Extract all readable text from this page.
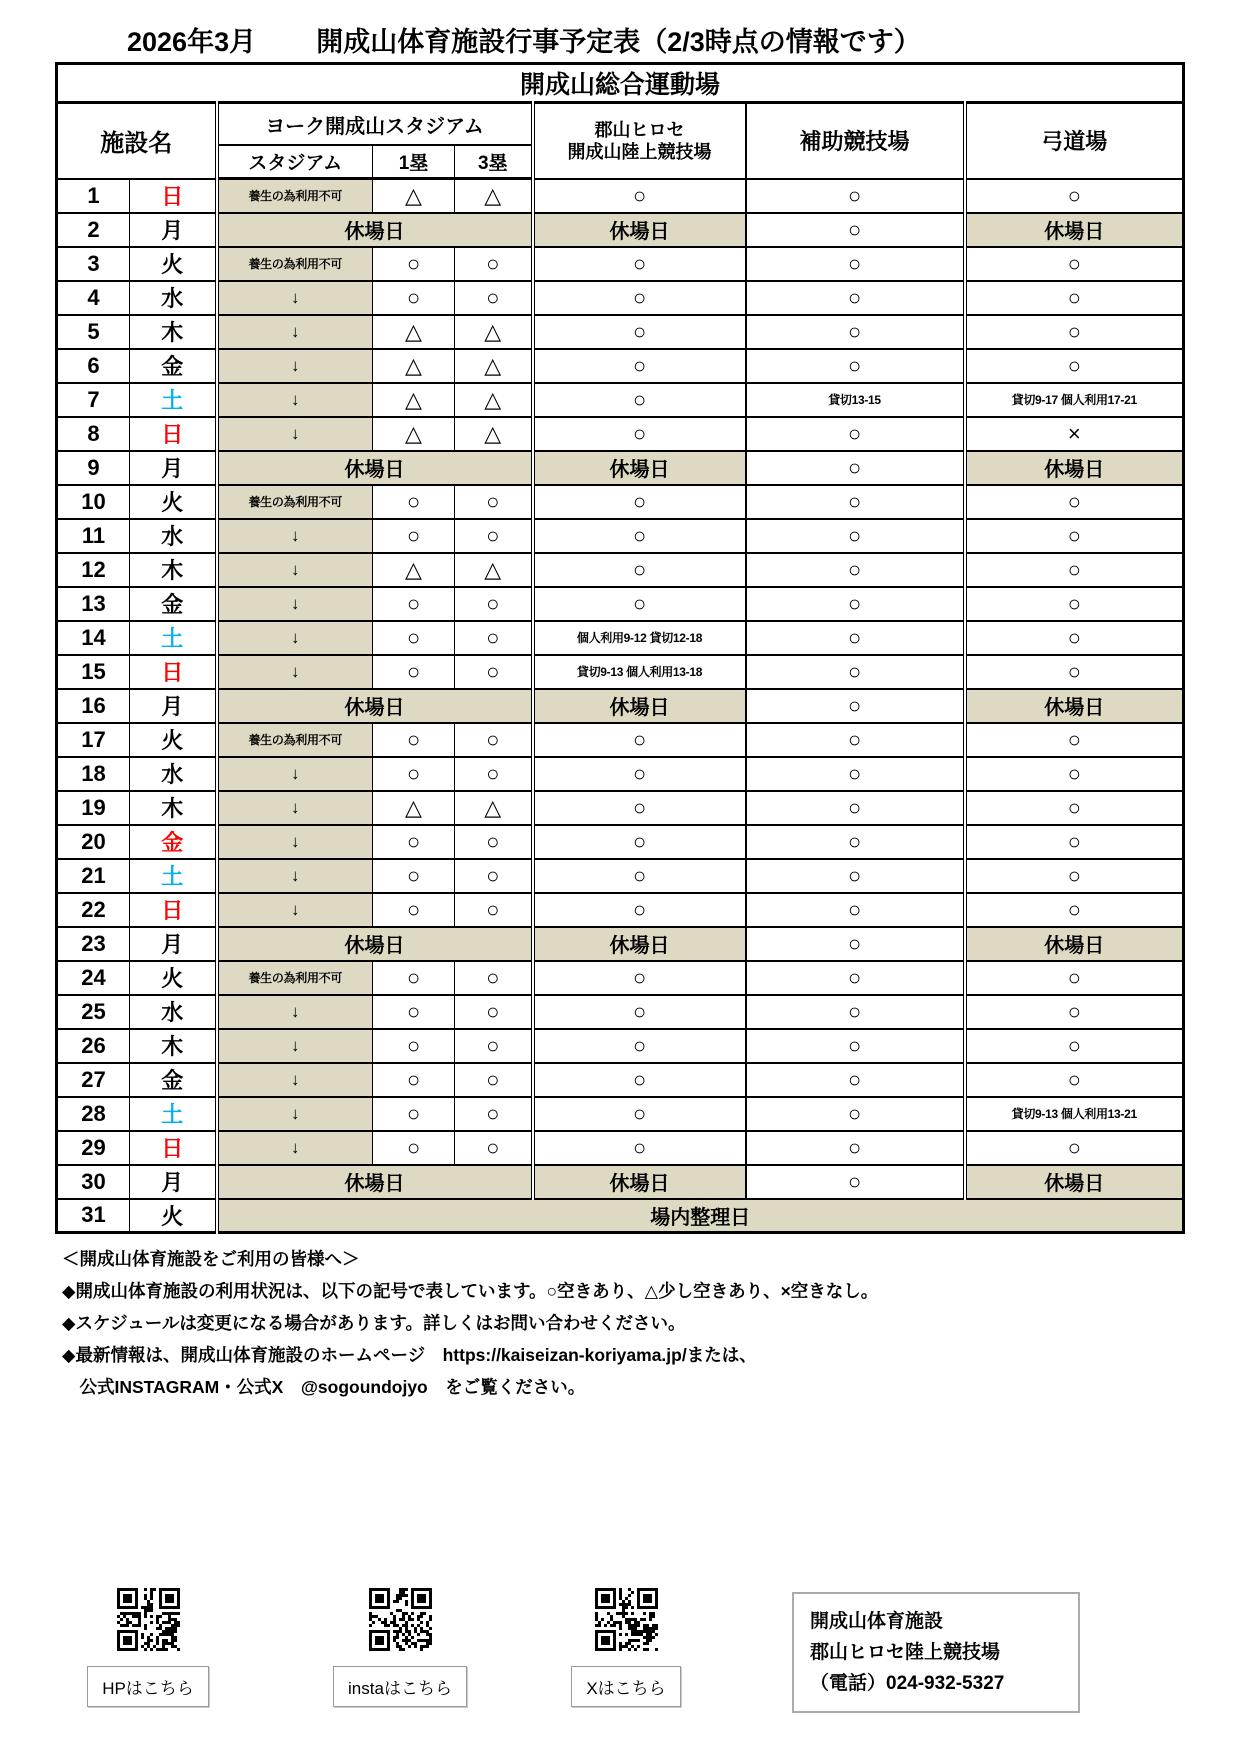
2026年3月	開成山体育施設行事予定表（2/3時点の情報です）
開成山総合運動場							
施設名		ヨーク開成山スタジアム			郡山ヒロセ
開成山陸上競技場	補助競技場	弓道場
		スタジアム	1塁	3塁			
1	日	養生の為利用不可	△	△	○	○	○
2	月	休場日			休場日	○	休場日
3	火	養生の為利用不可	○	○	○	○	○
4	水	↓	○	○	○	○	○
5	木	↓	△	△	○	○	○
6	金	↓	△	△	○	○	○
7	土	↓	△	△	○	貸切13-15	貸切9-17 個人利用17-21
8	日	↓	△	△	○	○	×
9	月	休場日			休場日	○	休場日
10	火	養生の為利用不可	○	○	○	○	○
11	水	↓	○	○	○	○	○
12	木	↓	△	△	○	○	○
13	金	↓	○	○	○	○	○
14	土	↓	○	○	個人利用9-12 貸切12-18	○	○
15	日	↓	○	○	貸切9-13 個人利用13-18	○	○
16	月	休場日			休場日	○	休場日
17	火	養生の為利用不可	○	○	○	○	○
18	水	↓	○	○	○	○	○
19	木	↓	△	△	○	○	○
20	金	↓	○	○	○	○	○
21	土	↓	○	○	○	○	○
22	日	↓	○	○	○	○	○
23	月	休場日			休場日	○	休場日
24	火	養生の為利用不可	○	○	○	○	○
25	水	↓	○	○	○	○	○
26	木	↓	○	○	○	○	○
27	金	↓	○	○	○	○	○
28	土	↓	○	○	○	○	貸切9-13 個人利用13-21
29	日	↓	○	○	○	○	○
30	月	休場日			休場日	○	休場日
31	火	場内整理日					
＜開成山体育施設をご利用の皆様へ＞
◆開成山体育施設の利用状況は、以下の記号で表しています。○空きあり、△少し空きあり、×空きなし。
◆スケジュールは変更になる場合があります。詳しくはお問い合わせください。
◆最新情報は、開成山体育施設のホームページ　https://kaiseizan-koriyama.jp/または、
　公式INSTAGRAM・公式X　@sogoundojyo　をご覧ください。

HPはこちら	instaはこちら	Xはこちら
開成山体育施設
郡山ヒロセ陸上競技場
（電話）024-932-5327
